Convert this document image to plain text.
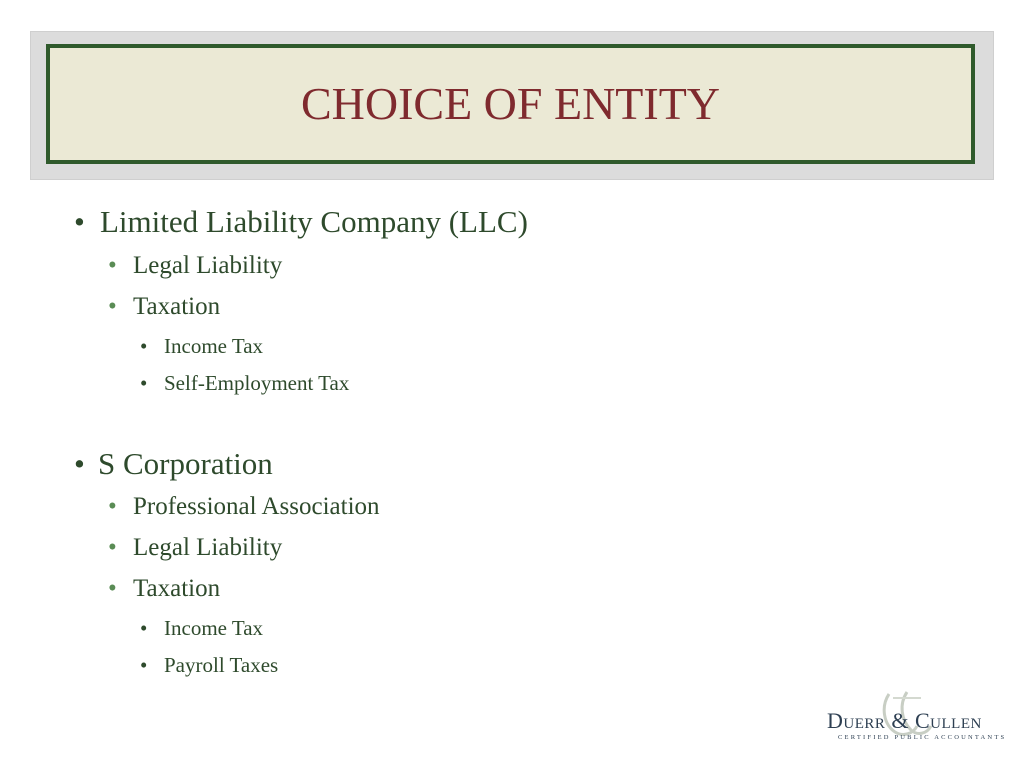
CHOICE OF ENTITY
• Limited Liability Company (LLC)
• Legal Liability
• Taxation
• Income Tax
• Self-Employment Tax
• S Corporation
• Professional Association
• Legal Liability
• Taxation
• Income Tax
• Payroll Taxes
Duerr & Cullen
CERTIFIED PUBLIC ACCOUNTANTS
